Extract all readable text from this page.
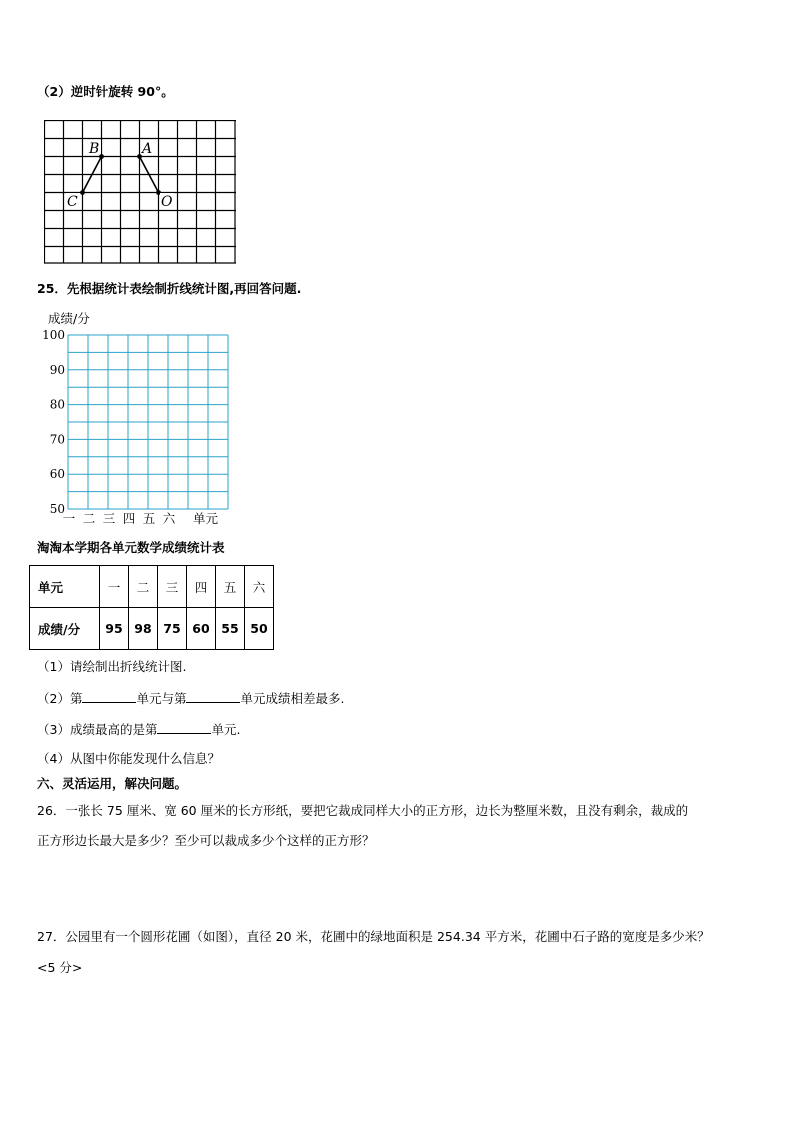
（2）逆时针旋转 90°。
B	A
C	O
25．先根据统计表绘制折线统计图,再回答问题.
成绩/分
100
90
80
70
60
50
一 二 三 四 五 六 单元
淘淘本学期各单元数学成绩统计表
单元	一	二	三	四	五	六
成绩/分	95	98	75	60	55	50
（1）请绘制出折线统计图.
（2）第	单元与第	单元成绩相差最多.
（3）成绩最高的是第	单元.
（4）从图中你能发现什么信息？
六、灵活运用，解决问题。
26．一张长 75 厘米、宽 60 厘米的长方形纸，要把它裁成同样大小的正方形，边长为整厘米数，且没有剩余，裁成的
正方形边长最大是多少？至少可以裁成多少个这样的正方形？
27．公园里有一个圆形花圃（如图），直径 20 米，花圃中的绿地面积是 254.34 平方米，花圃中石子路的宽度是多少米？
<5 分>
